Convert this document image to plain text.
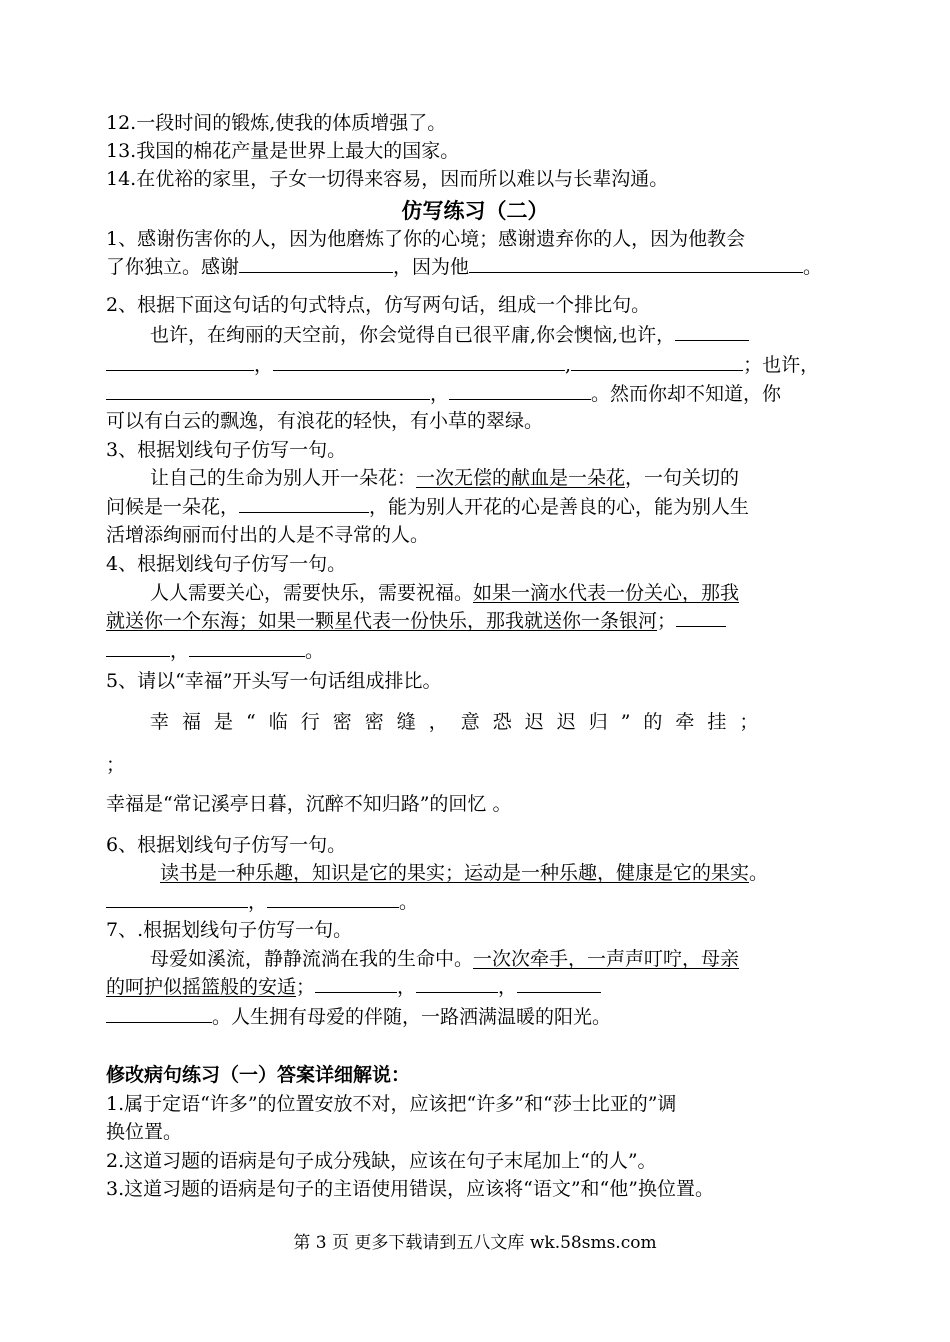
12.一段时间的锻炼,使我的体质增强了。
13.我国的棉花产量是世界上最大的国家。
14.在优裕的家里，子女一切得来容易，因而所以难以与长辈沟通。
仿写练习（二）
1、感谢伤害你的人，因为他磨炼了你的心境；感谢遗弃你的人，因为他教会
了你独立。感谢	，因为他	。
2、根据下面这句话的句式特点，仿写两句话，组成一个排比句。
也许，在绚丽的天空前，你会觉得自已很平庸,你会懊恼,也许，
，	,	；也许，
，	。然而你却不知道，你
可以有白云的飘逸，有浪花的轻快，有小草的翠绿。
3、根据划线句子仿写一句。
让自己的生命为别人开一朵花：一次无偿的献血是一朵花，一句关切的
问候是一朵花，	，能为别人开花的心是善良的心，能为别人生
活增添绚丽而付出的人是不寻常的人。
4、根据划线句子仿写一句。
人人需要关心，需要快乐，需要祝福。如果一滴水代表一份关心，那我
就送你一个东海；如果一颗星代表一份快乐，那我就送你一条银河；
，	。
5、请以“幸福”开头写一句话组成排比。
幸福是“临行密密缝，意恐迟迟归”的牵挂；
；
幸福是“常记溪亭日暮，沉醉不知归路”的回忆 。
6、根据划线句子仿写一句。
读书是一种乐趣，知识是它的果实；运动是一种乐趣，健康是它的果实。
，	。
7、.根据划线句子仿写一句。
母爱如溪流，静静流淌在我的生命中。一次次牵手，一声声叮咛，母亲
的呵护似摇篮般的安适；	，	，
。人生拥有母爱的伴随，一路洒满温暖的阳光。
修改病句练习（一）答案详细解说：
1.属于定语“许多”的位置安放不对，应该把“许多”和“莎士比亚的”调
换位置。
2.这道习题的语病是句子成分残缺，应该在句子末尾加上“的人”。
3.这道习题的语病是句子的主语使用错误，应该将“语文”和“他”换位置。
第 3 页 更多下载请到五八文库 wk.58sms.com
